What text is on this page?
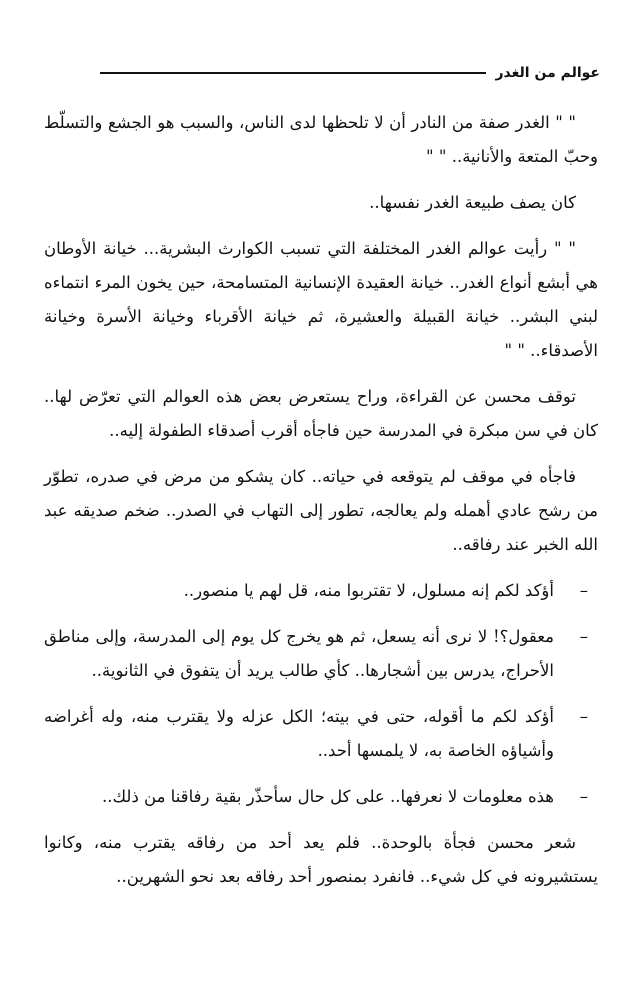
عوالم من الغدر

" " الغدر صفة من النادر أن لا تلحظها لدى الناس، والسبب هو الجشع والتسلّط وحبّ المتعة والأنانية.. " "

كان يصف طبيعة الغدر نفسها..

" " رأيت عوالم الغدر المختلفة التي تسبب الكوارث البشرية... خيانة الأوطان هي أبشع أنواع الغدر.. خيانة العقيدة الإنسانية المتسامحة، حين يخون المرء انتماءه لبني البشر.. خيانة القبيلة والعشيرة، ثم خيانة الأقرباء وخيانة الأسرة وخيانة الأصدقاء.. " "

توقف محسن عن القراءة، وراح يستعرض بعض هذه العوالم التي تعرّض لها.. كان في سن مبكرة في المدرسة حين فاجأه أقرب أصدقاء الطفولة إليه..

فاجأه في موقف لم يتوقعه في حياته.. كان يشكو من مرض في صدره، تطوّر من رشح عادي أهمله ولم يعالجه، تطور إلى التهاب في الصدر.. ضخم صديقه عبد الله الخبر عند رفاقه..

–
أؤكد لكم إنه مسلول، لا تقتربوا منه، قل لهم يا منصور..
–
معقول؟! لا نرى أنه يسعل، ثم هو يخرج كل يوم إلى المدرسة، وإلى مناطق الأحراج، يدرس بين أشجارها.. كأي طالب يريد أن يتفوق في الثانوية..
–
أؤكد لكم ما أقوله، حتى في بيته؛ الكل عزله ولا يقترب منه، وله أغراضه وأشياؤه الخاصة به، لا يلمسها أحد..
–
هذه معلومات لا نعرفها.. على كل حال سأحذّر بقية رفاقنا من ذلك..

شعر محسن فجأة بالوحدة.. فلم يعد أحد من رفاقه يقترب منه، وكانوا يستشيرونه في كل شيء.. فانفرد بمنصور أحد رفاقه بعد نحو الشهرين..
